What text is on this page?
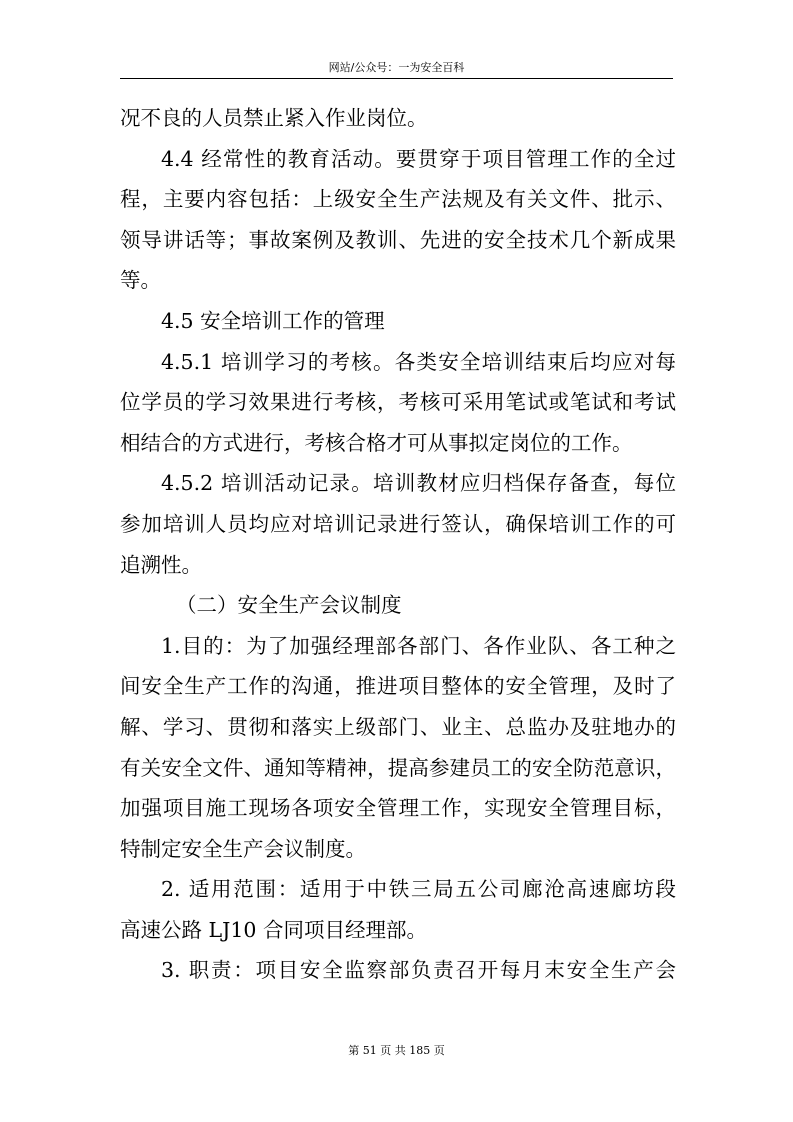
网站/公众号：一为安全百科
况不良的人员禁止紧入作业岗位。
4.4 经常性的教育活动。要贯穿于项目管理工作的全过
程，主要内容包括：上级安全生产法规及有关文件、批示、
领导讲话等；事故案例及教训、先进的安全技术几个新成果
等。
4.5 安全培训工作的管理
4.5.1 培训学习的考核。各类安全培训结束后均应对每
位学员的学习效果进行考核，考核可采用笔试或笔试和考试
相结合的方式进行，考核合格才可从事拟定岗位的工作。
4.5.2 培训活动记录。培训教材应归档保存备查，每位
参加培训人员均应对培训记录进行签认，确保培训工作的可
追溯性。
（二）安全生产会议制度
1.目的：为了加强经理部各部门、各作业队、各工种之
间安全生产工作的沟通，推进项目整体的安全管理，及时了
解、学习、贯彻和落实上级部门、业主、总监办及驻地办的
有关安全文件、通知等精神，提高参建员工的安全防范意识，
加强项目施工现场各项安全管理工作，实现安全管理目标，
特制定安全生产会议制度。
2. 适用范围：适用于中铁三局五公司廊沧高速廊坊段
高速公路 LJ10 合同项目经理部。
3. 职责：项目安全监察部负责召开每月末安全生产会
第 51 页 共 185 页
